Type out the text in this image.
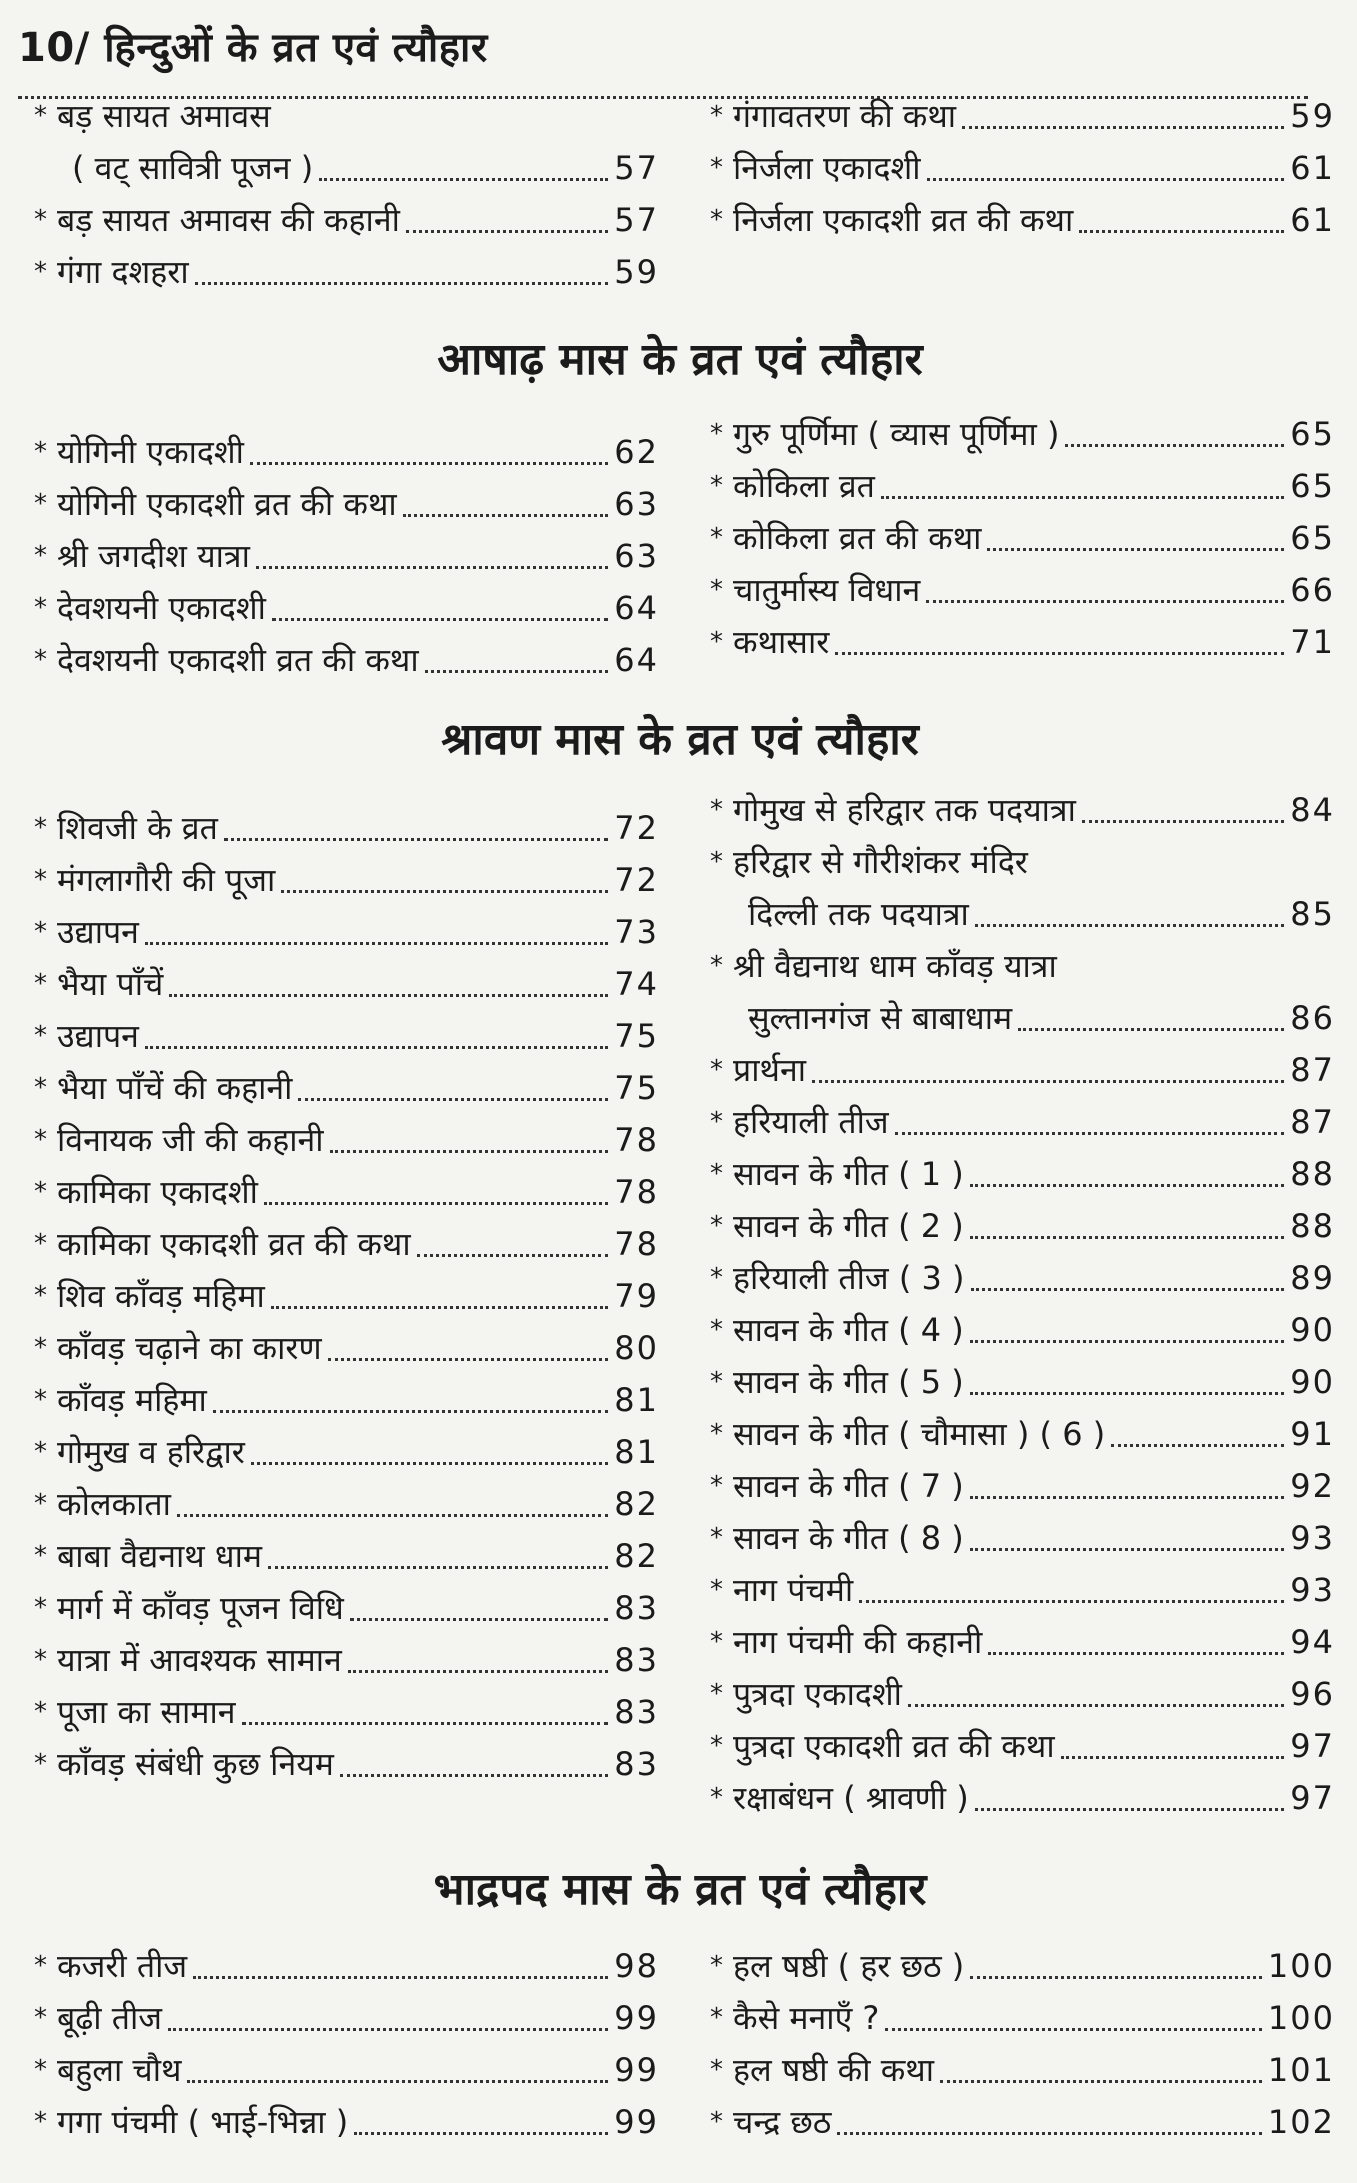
10/ हिन्दुओं के व्रत एवं त्यौहार
* बड़ सायत अमावस
( वट् सावित्री पूजन )	57
* बड़ सायत अमावस की कहानी	57
* गंगा दशहरा	59
* गंगावतरण की कथा	59
* निर्जला एकादशी	61
* निर्जला एकादशी व्रत की कथा	61
आषाढ़ मास के व्रत एवं त्यौहार
* योगिनी एकादशी	62
* योगिनी एकादशी व्रत की कथा	63
* श्री जगदीश यात्रा	63
* देवशयनी एकादशी	64
* देवशयनी एकादशी व्रत की कथा	64
* गुरु पूर्णिमा ( व्यास पूर्णिमा )	65
* कोकिला व्रत	65
* कोकिला व्रत की कथा	65
* चातुर्मास्य विधान	66
* कथासार	71
श्रावण मास के व्रत एवं त्यौहार
* शिवजी के व्रत	72
* मंगलागौरी की पूजा	72
* उद्यापन	73
* भैया पाँचें	74
* उद्यापन	75
* भैया पाँचें की कहानी	75
* विनायक जी की कहानी	78
* कामिका एकादशी	78
* कामिका एकादशी व्रत की कथा	78
* शिव काँवड़ महिमा	79
* काँवड़ चढ़ाने का कारण	80
* काँवड़ महिमा	81
* गोमुख व हरिद्वार	81
* कोलकाता	82
* बाबा वैद्यनाथ धाम	82
* मार्ग में काँवड़ पूजन विधि	83
* यात्रा में आवश्यक सामान	83
* पूजा का सामान	83
* काँवड़ संबंधी कुछ नियम	83
* गोमुख से हरिद्वार तक पदयात्रा	84
* हरिद्वार से गौरीशंकर मंदिर
दिल्ली तक पदयात्रा	85
* श्री वैद्यनाथ धाम काँवड़ यात्रा
सुल्तानगंज से बाबाधाम	86
* प्रार्थना	87
* हरियाली तीज	87
* सावन के गीत ( 1 )	88
* सावन के गीत ( 2 )	88
* हरियाली तीज ( 3 )	89
* सावन के गीत ( 4 )	90
* सावन के गीत ( 5 )	90
* सावन के गीत ( चौमासा ) ( 6 )	91
* सावन के गीत ( 7 )	92
* सावन के गीत ( 8 )	93
* नाग पंचमी	93
* नाग पंचमी की कहानी	94
* पुत्रदा एकादशी	96
* पुत्रदा एकादशी व्रत की कथा	97
* रक्षाबंधन ( श्रावणी )	97
भाद्रपद मास के व्रत एवं त्यौहार
* कजरी तीज	98
* बूढ़ी तीज	99
* बहुला चौथ	99
* गगा पंचमी ( भाई-भिन्ना )	99
* हल षष्ठी ( हर छठ )	100
* कैसे मनाएँ ?	100
* हल षष्ठी की कथा	101
* चन्द्र छठ	102
